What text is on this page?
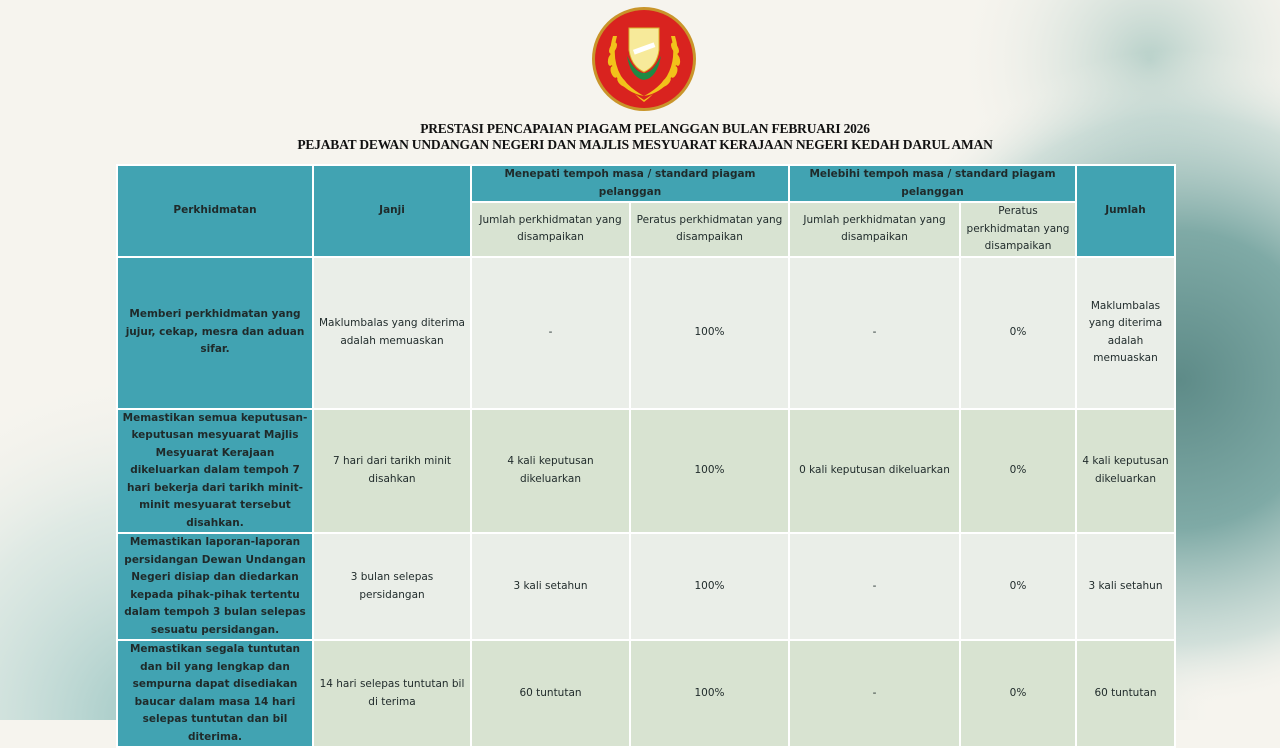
PRESTASI PENCAPAIAN PIAGAM PELANGGAN BULAN FEBRUARI 2026
PEJABAT DEWAN UNDANGAN NEGERI DAN MAJLIS MESYUARAT KERAJAAN NEGERI KEDAH DARUL AMAN
Perkhidmatan	Janji	Menepati tempoh masa / standard piagam pelanggan		Melebihi tempoh masa / standard piagam pelanggan		Jumlah
		Jumlah perkhidmatan yang disampaikan	Peratus perkhidmatan yang disampaikan	Jumlah perkhidmatan yang disampaikan	Peratus perkhidmatan yang disampaikan	
Memberi perkhidmatan yang jujur, cekap, mesra dan aduan sifar.	Maklumbalas yang diterima adalah memuaskan	-	100%	-	0%	Maklumbalas yang diterima adalah memuaskan
Memastikan semua keputusan-keputusan mesyuarat Majlis Mesyuarat Kerajaan dikeluarkan dalam tempoh 7 hari bekerja dari tarikh minit-minit mesyuarat tersebut disahkan.	7 hari dari tarikh minit disahkan	4 kali keputusan dikeluarkan	100%	0 kali keputusan dikeluarkan	0%	4 kali keputusan dikeluarkan
Memastikan laporan-laporan persidangan Dewan Undangan Negeri disiap dan diedarkan kepada pihak-pihak tertentu dalam tempoh 3 bulan selepas sesuatu persidangan.	3 bulan selepas persidangan	3 kali setahun	100%	-	0%	3 kali setahun
Memastikan segala tuntutan dan bil yang lengkap dan sempurna dapat disediakan baucar dalam masa 14 hari selepas tuntutan dan bil diterima.	14 hari selepas tuntutan bil di terima	60 tuntutan	100%	-	0%	60 tuntutan
